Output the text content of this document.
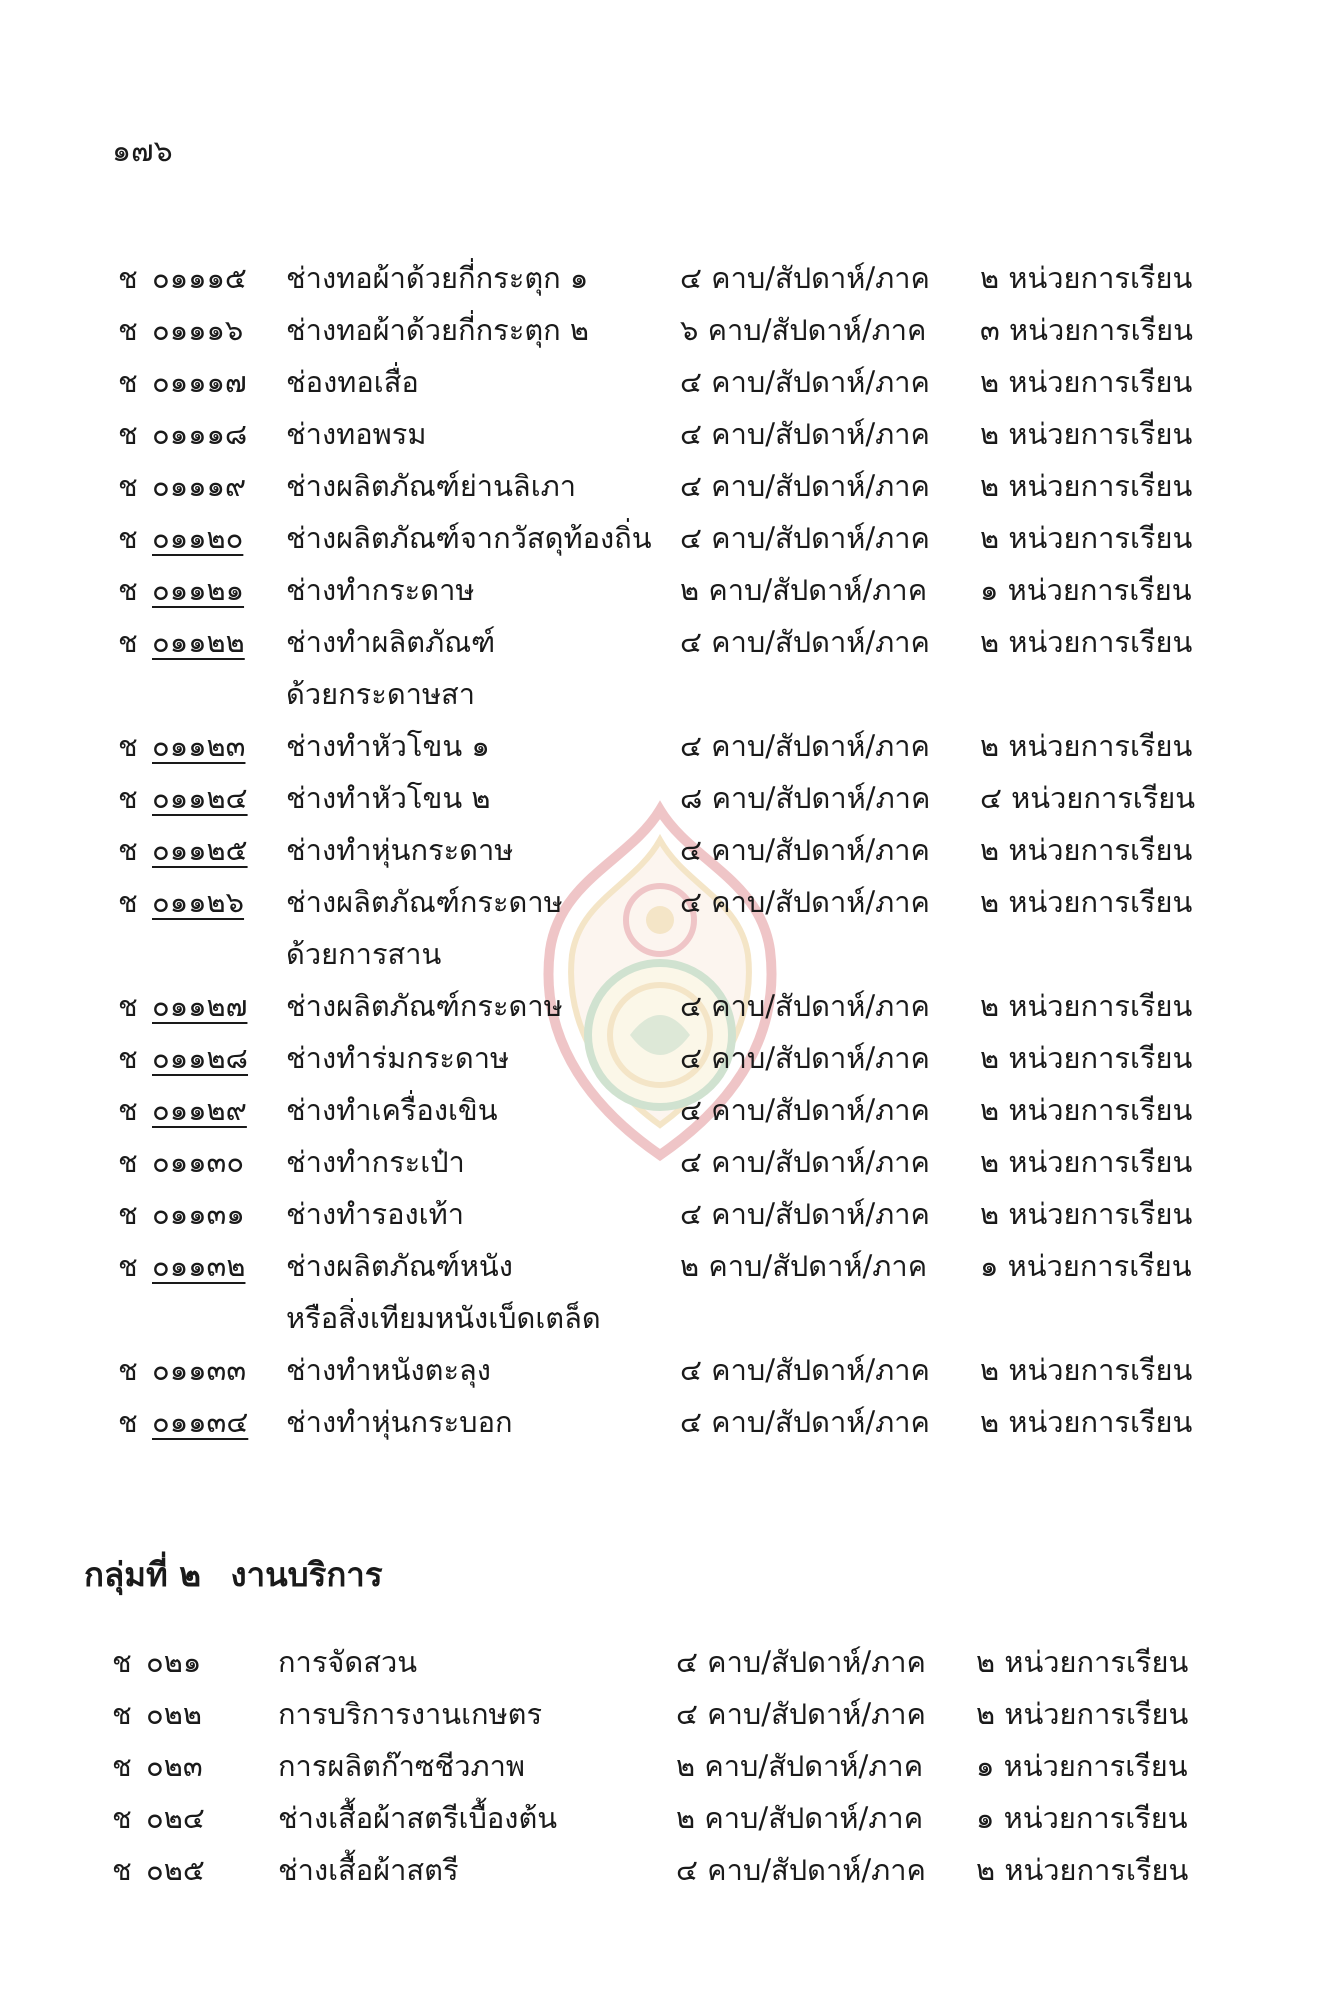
๑๗๖
ช ๐๑๑๑๕ ช่างทอผ้าด้วยกี่กระตุก ๑	๔ คาบ/สัปดาห์/ภาค ๒ หน่วยการเรียน
ช ๐๑๑๑๖ ช่างทอผ้าด้วยกี่กระตุก ๒	๖ คาบ/สัปดาห์/ภาค ๓ หน่วยการเรียน
ช ๐๑๑๑๗ ช่องทอเสื่อ	๔ คาบ/สัปดาห์/ภาค ๒ หน่วยการเรียน
ช ๐๑๑๑๘ ช่างทอพรม	๔ คาบ/สัปดาห์/ภาค ๒ หน่วยการเรียน
ช ๐๑๑๑๙ ช่างผลิตภัณฑ์ย่านลิเภา	๔ คาบ/สัปดาห์/ภาค ๒ หน่วยการเรียน
ช ๐๑๑๒๐ ช่างผลิตภัณฑ์จากวัสดุท้องถิ่น ๔ คาบ/สัปดาห์/ภาค ๒ หน่วยการเรียน
ช ๐๑๑๒๑ ช่างทำกระดาษ	๒ คาบ/สัปดาห์/ภาค ๑ หน่วยการเรียน
ช ๐๑๑๒๒ ช่างทำผลิตภัณฑ์	๔ คาบ/สัปดาห์/ภาค ๒ หน่วยการเรียน
ด้วยกระดาษสา
ช ๐๑๑๒๓ ช่างทำหัวโขน ๑	๔ คาบ/สัปดาห์/ภาค ๒ หน่วยการเรียน
ช ๐๑๑๒๔ ช่างทำหัวโขน ๒	๘ คาบ/สัปดาห์/ภาค ๔ หน่วยการเรียน
ช ๐๑๑๒๕ ช่างทำหุ่นกระดาษ	๔ คาบ/สัปดาห์/ภาค ๒ หน่วยการเรียน
ช ๐๑๑๒๖ ช่างผลิตภัณฑ์กระดาษ	๔ คาบ/สัปดาห์/ภาค ๒ หน่วยการเรียน
ด้วยการสาน
ช ๐๑๑๒๗ ช่างผลิตภัณฑ์กระดาษ	๔ คาบ/สัปดาห์/ภาค ๒ หน่วยการเรียน
ช ๐๑๑๒๘ ช่างทำร่มกระดาษ	๔ คาบ/สัปดาห์/ภาค ๒ หน่วยการเรียน
ช ๐๑๑๒๙ ช่างทำเครื่องเขิน	๔ คาบ/สัปดาห์/ภาค ๒ หน่วยการเรียน
ช ๐๑๑๓๐ ช่างทำกระเป๋า	๔ คาบ/สัปดาห์/ภาค ๒ หน่วยการเรียน
ช ๐๑๑๓๑ ช่างทำรองเท้า	๔ คาบ/สัปดาห์/ภาค ๒ หน่วยการเรียน
ช ๐๑๑๓๒ ช่างผลิตภัณฑ์หนัง	๒ คาบ/สัปดาห์/ภาค ๑ หน่วยการเรียน
หรือสิ่งเทียมหนังเบ็ดเตล็ด
ช ๐๑๑๓๓ ช่างทำหนังตะลุง	๔ คาบ/สัปดาห์/ภาค ๒ หน่วยการเรียน
ช ๐๑๑๓๔ ช่างทำหุ่นกระบอก	๔ คาบ/สัปดาห์/ภาค ๒ หน่วยการเรียน
กลุ่มที่ ๒ งานบริการ
ช ๐๒๑	การจัดสวน	๔ คาบ/สัปดาห์/ภาค ๒ หน่วยการเรียน
ช ๐๒๒	การบริการงานเกษตร	๔ คาบ/สัปดาห์/ภาค ๒ หน่วยการเรียน
ช ๐๒๓	การผลิตก๊าซชีวภาพ	๒ คาบ/สัปดาห์/ภาค ๑ หน่วยการเรียน
ช ๐๒๔	ช่างเสื้อผ้าสตรีเบื้องต้น	๒ คาบ/สัปดาห์/ภาค ๑ หน่วยการเรียน
ช ๐๒๕	ช่างเสื้อผ้าสตรี	๔ คาบ/สัปดาห์/ภาค ๒ หน่วยการเรียน
